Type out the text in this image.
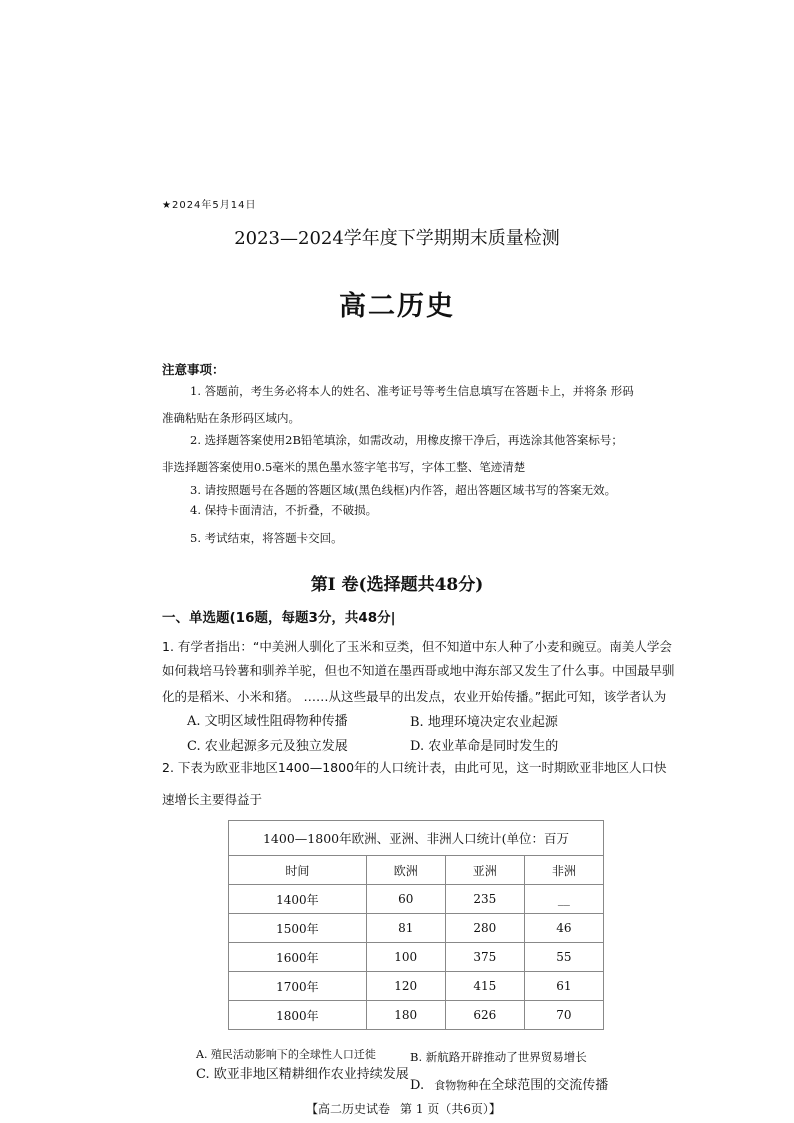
★2024年5月14日
2023—2024学年度下学期期末质量检测
高二历史
注意事项：
1. 答题前，考生务必将本人的姓名、准考证号等考生信息填写在答题卡上，并将条 形码
准确粘贴在条形码区域内。
2. 选择题答案使用2B铅笔填涂，如需改动，用橡皮擦干净后，再选涂其他答案标号；
非选择题答案使用0.5毫米的黑色墨水签字笔书写，字体工整、笔迹清楚
3. 请按照题号在各题的答题区域(黑色线框)内作答，超出答题区域书写的答案无效。
4. 保持卡面清洁，不折叠，不破损。
5. 考试结束，将答题卡交回。
第I 卷(选择题共48分)
一、单选题(16题，每题3分，共48分|
1. 有学者指出：“中美洲人驯化了玉米和豆类，但不知道中东人种了小麦和豌豆。南美人学会
如何栽培马铃薯和驯养羊驼，但也不知道在墨西哥或地中海东部又发生了什么事。中国最早驯
化的是稻米、小米和猪。 ……从这些最早的出发点，农业开始传播。”据此可知，该学者认为
A. 文明区域性阻碍物种传播	B. 地理环境决定农业起源
C. 农业起源多元及独立发展	D. 农业革命是同时发生的
2. 下表为欧亚非地区1400—1800年的人口统计表，由此可见，这一时期欧亚非地区人口快
速增长主要得益于
1400—1800年欧洲、亚洲、非洲人口统计(单位：百万			
时间	欧洲	亚洲	非洲
1400年	60	235	__
1500年	81	280	46
1600年	100	375	55
1700年	120	415	61
1800年	180	626	70
A. 殖民活动影响下的全球性人口迁徙	B. 新航路开辟推动了世界贸易增长
C. 欧亚非地区精耕细作农业持续发展
D. 食物物种在全球范围的交流传播
【高二历史试卷 第 1 页（共6页）】
